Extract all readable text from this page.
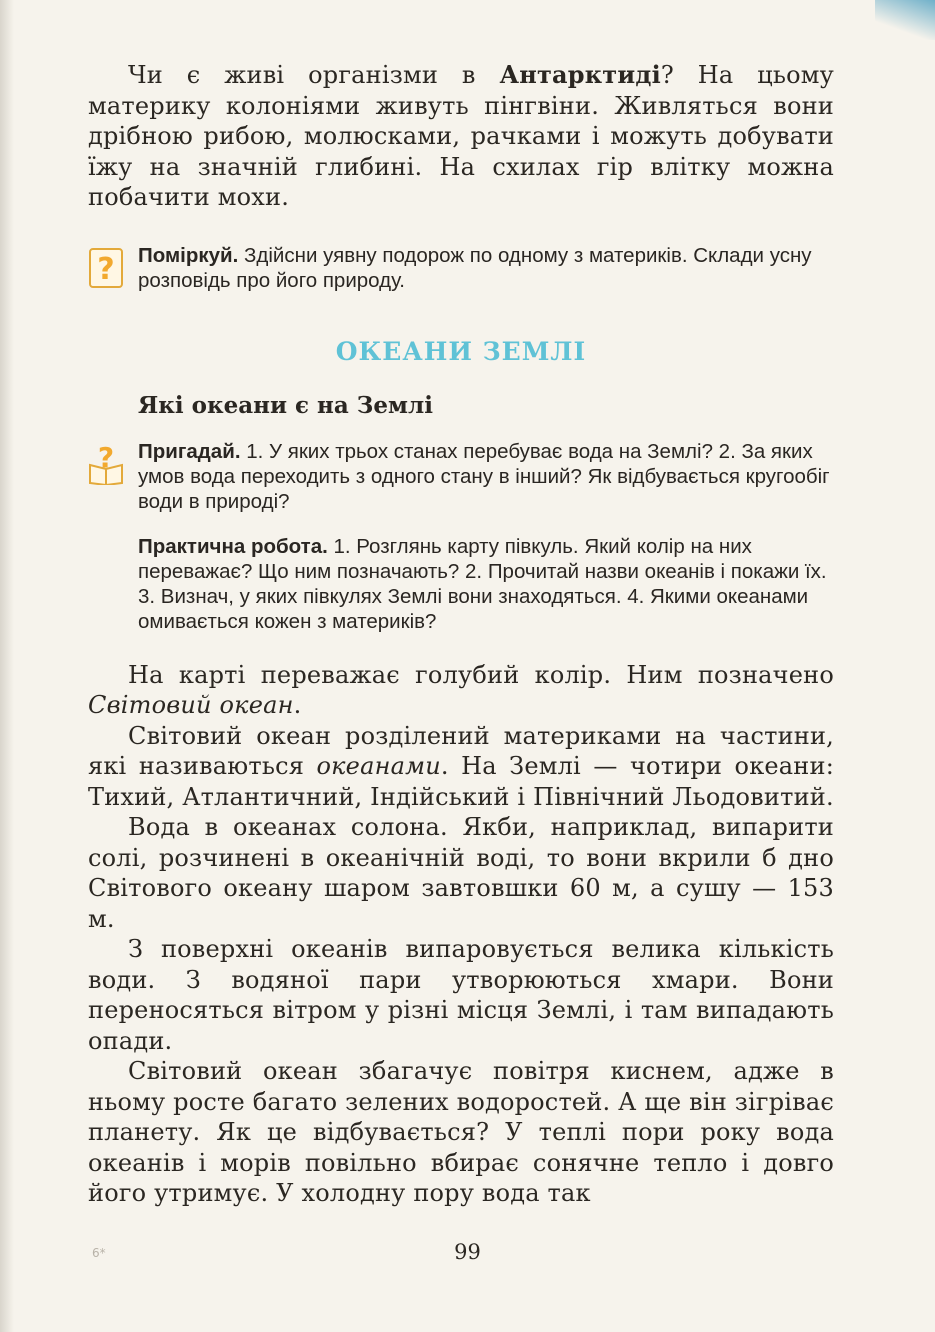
Чи є живі організми в Антарктиді? На цьому материку колоніями живуть пінгвіни. Живляться вони дрібною рибою, молюсками, рачками і можуть добувати їжу на значній глибині. На схилах гір влітку можна побачити мохи.

? Поміркуй. Здійсни уявну подорож по одному з материків. Склади усну розповідь про його природу.

ОКЕАНИ ЗЕМЛІ

Які океани є на Землі

? Пригадай. 1. У яких трьох станах перебуває вода на Землі? 2. За яких умов вода переходить з одного стану в інший? Як відбувається кругообіг води в природі?
Практична робота. 1. Розглянь карту півкуль. Який колір на них переважає? Що ним позначають? 2. Прочитай назви океанів і покажи їх. 3. Визнач, у яких півкулях Землі вони знаходяться. 4. Якими океанами омивається кожен з материків?

На карті переважає голубий колір. Ним позначено Світовий океан.

Світовий океан розділений материками на частини, які називаються океанами. На Землі — чотири океани: Тихий, Атлантичний, Індійський і Північний Льодовитий.

Вода в океанах солона. Якби, наприклад, випарити солі, розчинені в океанічній воді, то вони вкрили б дно Світового океану шаром завтовшки 60 м, а сушу — 153 м.

З поверхні океанів випаровується велика кількість води. З водяної пари утворюються хмари. Вони переносяться вітром у різні місця Землі, і там випадають опади.

Світовий океан збагачує повітря киснем, адже в ньому росте багато зелених водоростей. А ще він зігріває планету. Як це відбувається? У теплі пори року вода океанів і морів повільно вбирає сонячне тепло і довго його утримує. У холодну пору вода так

6*	99
